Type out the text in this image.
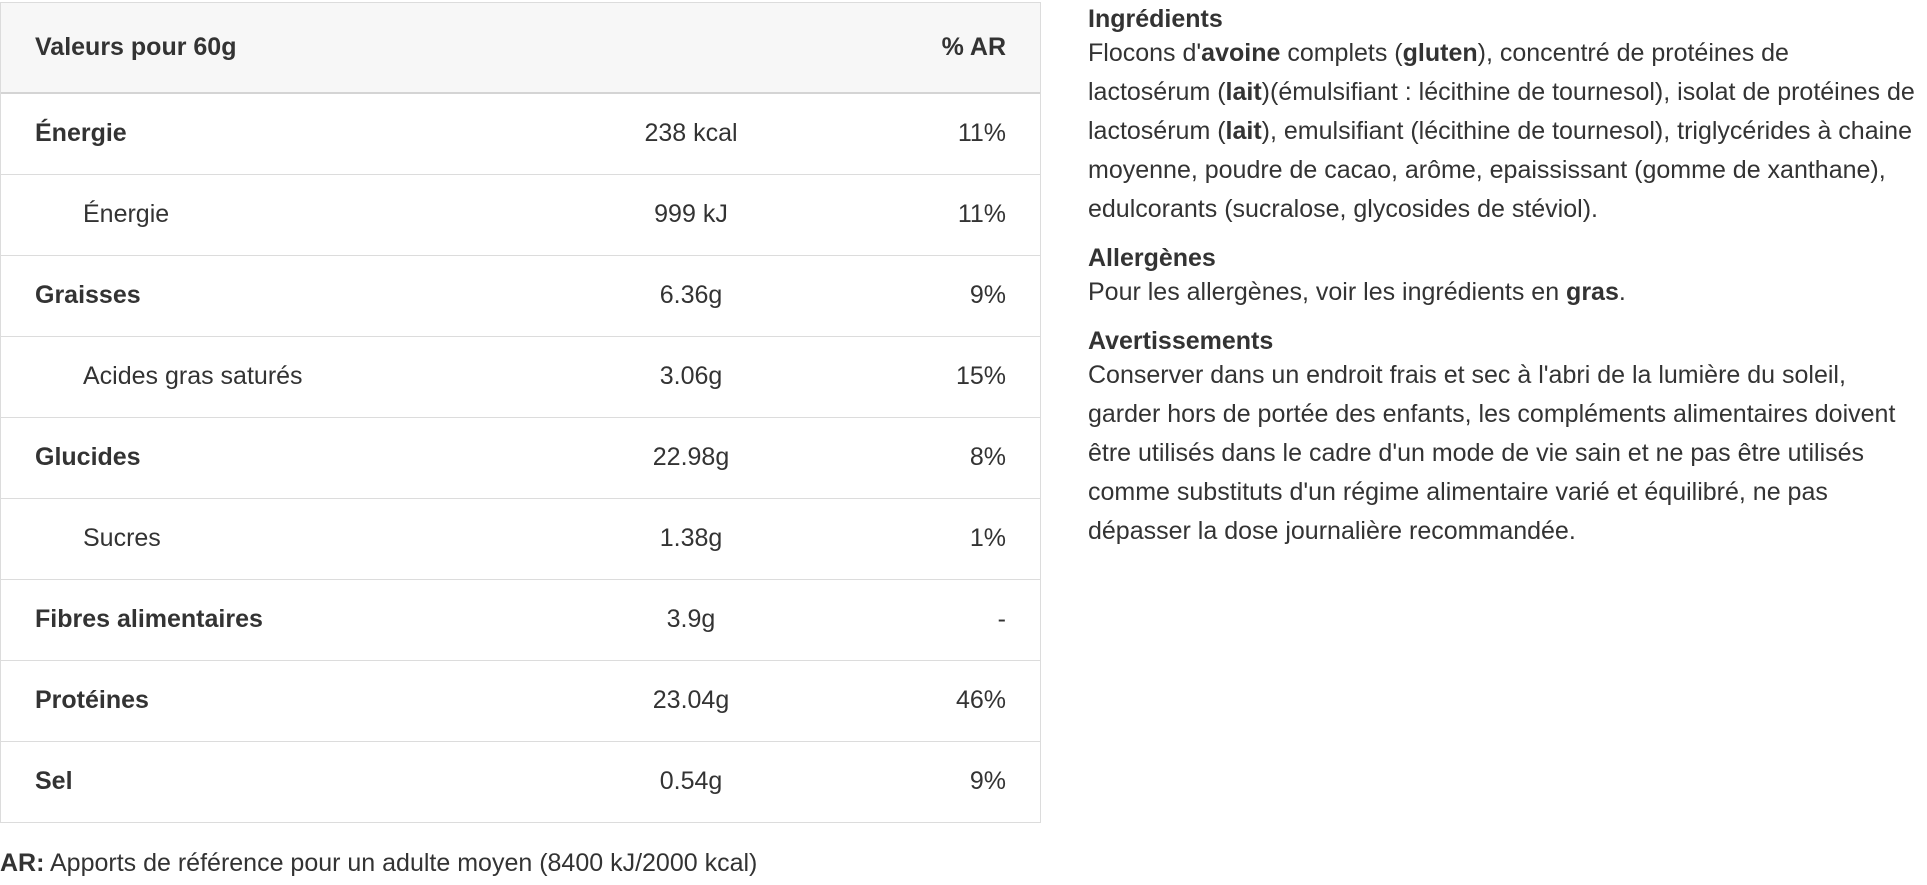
Valeurs pour 60g		% AR
Énergie	238 kcal	11%
Énergie	999 kJ	11%
Graisses	6.36g	9%
Acides gras saturés	3.06g	15%
Glucides	22.98g	8%
Sucres	1.38g	1%
Fibres alimentaires	3.9g	-
Protéines	23.04g	46%
Sel	0.54g	9%
AR: Apports de référence pour un adulte moyen (8400 kJ/2000 kcal)
Ingrédients

Flocons d'avoine complets (gluten), concentré de protéines de lactosérum (lait)(émulsifiant : lécithine de tournesol), isolat de protéines de lactosérum (lait), emulsifiant (lécithine de tournesol), triglycérides à chaine moyenne, poudre de cacao, arôme, epaississant (gomme de xanthane), edulcorants (sucralose, glycosides de stéviol).

Allergènes

Pour les allergènes, voir les ingrédients en gras.

Avertissements

Conserver dans un endroit frais et sec à l'abri de la lumière du soleil, garder hors de portée des enfants, les compléments alimentaires doivent être utilisés dans le cadre d'un mode de vie sain et ne pas être utilisés comme substituts d'un régime alimentaire varié et équilibré, ne pas dépasser la dose journalière recommandée.
